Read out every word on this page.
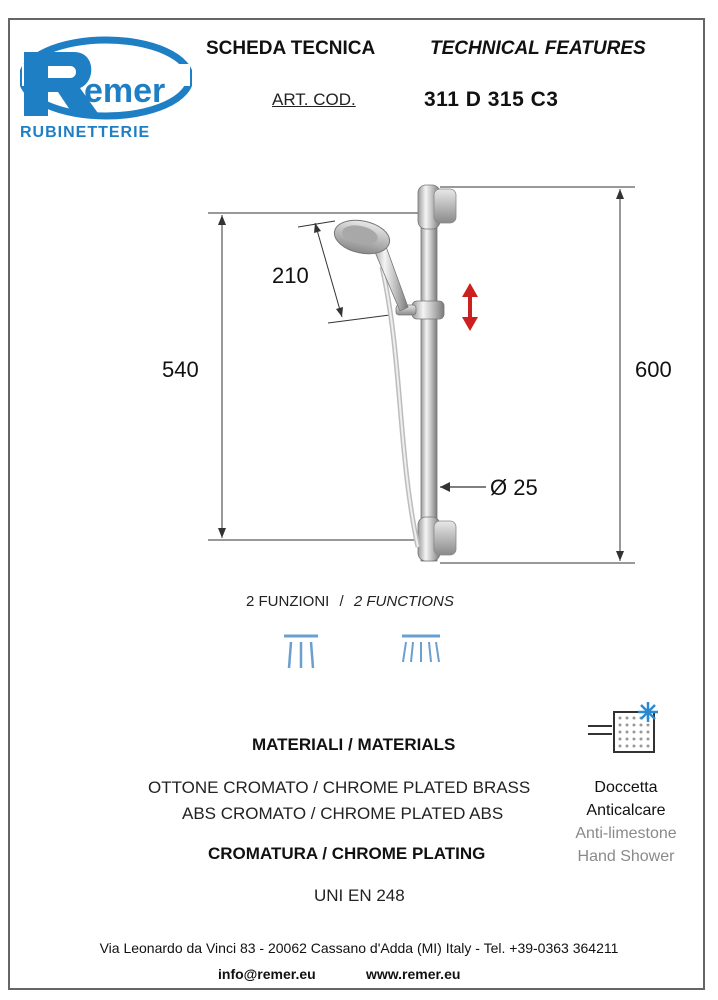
emer
RUBINETTERIE
SCHEDA TECNICA	TECHNICAL FEATURES
ART. COD.	311 D 315 C3
210
540	600
Ø 25
2 FUNZIONI / 2 FUNCTIONS
MATERIALI / MATERIALS
OTTONE CROMATO / CHROME PLATED BRASS
ABS CROMATO / CHROME PLATED ABS
CROMATURA / CHROME PLATING
UNI EN 248
Doccetta
Anticalcare
Anti-limestone
Hand Shower
Via Leonardo da Vinci 83 - 20062 Cassano d'Adda (MI) Italy - Tel. +39-0363 364211
info@remer.eu	www.remer.eu
